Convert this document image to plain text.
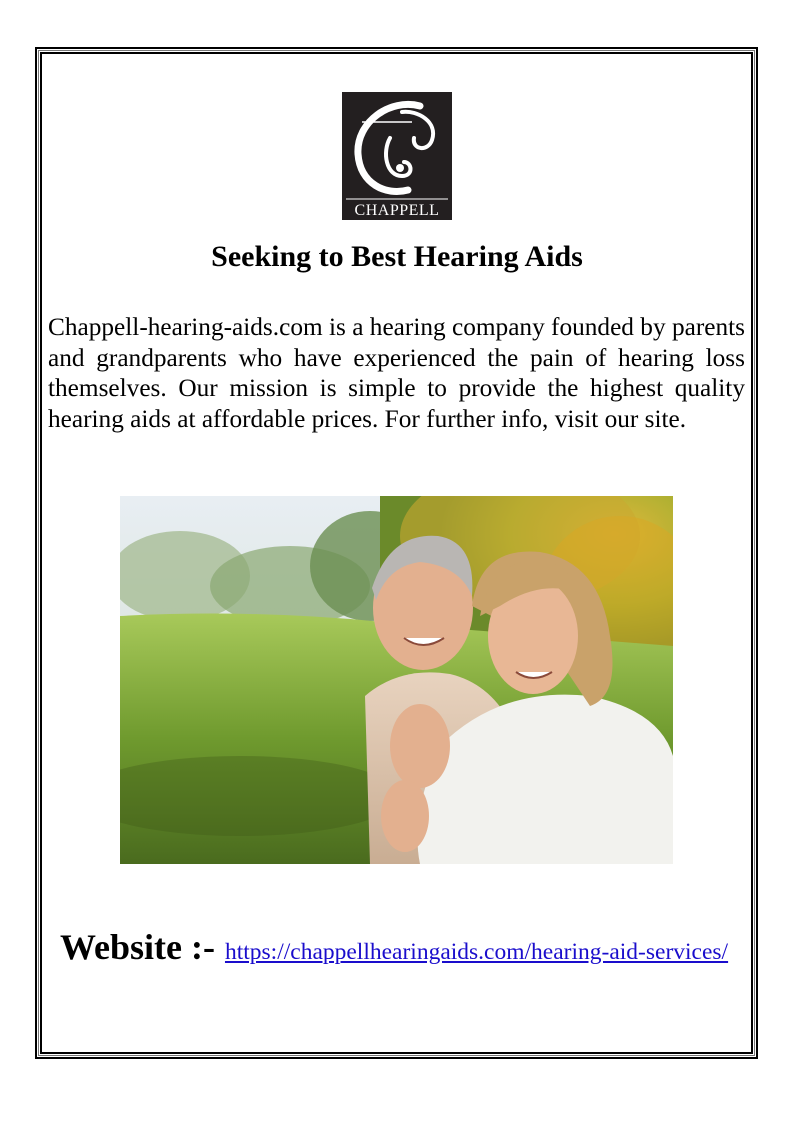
CHAPPELL
Seeking to Best Hearing Aids
Chappell-hearing-aids.com is a hearing company founded by parents and grandparents who have experienced the pain of hearing loss themselves. Our mission is simple to provide the highest quality hearing aids at affordable prices. For further info, visit our site.
Website :- https://chappellhearingaids.com/hearing-aid-services/
